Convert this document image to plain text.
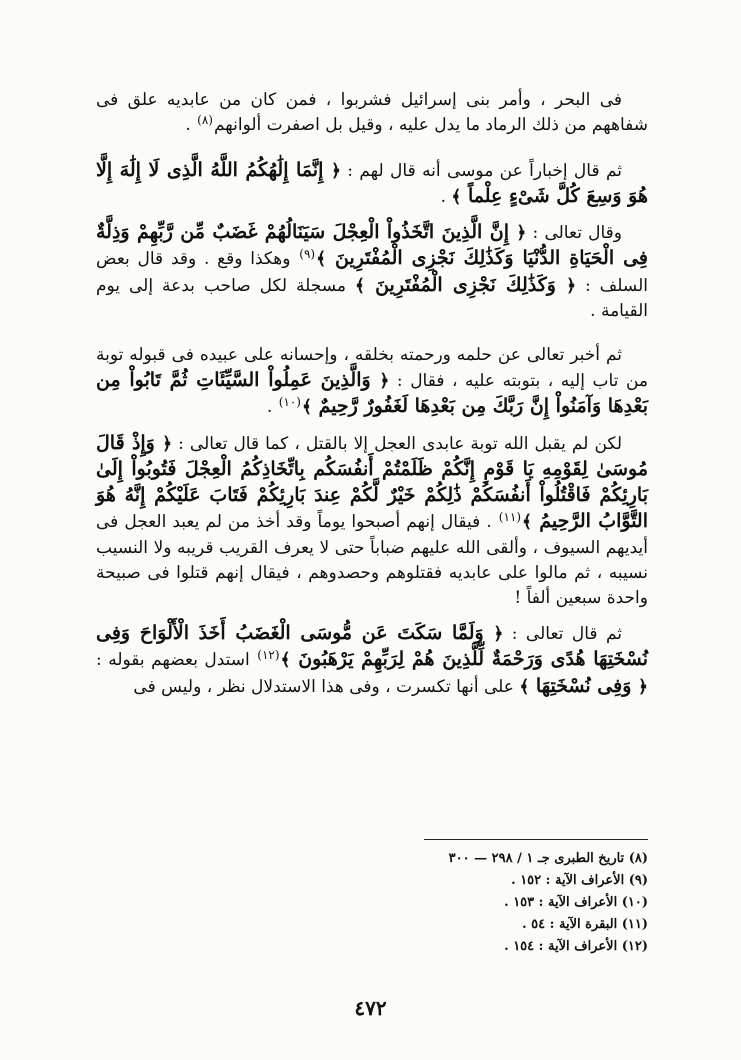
فى البحر ، وأمر بنى إسرائيل فشربوا ، فمن كان من عابديه علق فى شفاههم من ذلك الرماد ما يدل عليه ، وقيل بل اصفرت ألوانهم$^{(٨)}$ .

ثم قال إخباراً عن موسى أنه قال لهم : ﴿ إِنَّمَا إِلَٰهُكُمُ اللَّهُ الَّذِى لَا إِلَٰهَ إِلَّا هُوَ وَسِعَ كُلَّ شَىْءٍ عِلْماً ﴾ .

وقال تعالى : ﴿ إِنَّ الَّذِينَ اتَّخَذُواْ الْعِجْلَ سَيَنَالُهُمْ غَضَبٌ مِّن رَّبِّهِمْ وَذِلَّةٌ فِى الْحَيَاةِ الدُّنْيَا وَكَذَٰلِكَ نَجْزِى الْمُفْتَرِينَ ﴾$^{(٩)}$ وهكذا وقع . وقد قال بعض السلف : ﴿ وَكَذَٰلِكَ نَجْزِى الْمُفْتَرِينَ ﴾ مسجلة لكل صاحب بدعة إلى يوم القيامة .

ثم أخبر تعالى عن حلمه ورحمته بخلقه ، وإحسانه على عبيده فى قبوله توبة من تاب إليه ، بتوبته عليه ، فقال : ﴿ وَالَّذِينَ عَمِلُواْ السَّيِّئَاتِ ثُمَّ تَابُواْ مِن بَعْدِهَا وَآمَنُواْ إِنَّ رَبَّكَ مِن بَعْدِهَا لَغَفُورٌ رَّحِيمٌ ﴾$^{(١٠)}$ .

لكن لم يقبل الله توبة عابدى العجل إلا بالقتل ، كما قال تعالى : ﴿ وَإِذْ قَالَ مُوسَىٰ لِقَوْمِهِ يَا قَوْمِ إِنَّكُمْ ظَلَمْتُمْ أَنفُسَكُم بِاتِّخَاذِكُمُ الْعِجْلَ فَتُوبُواْ إِلَىٰ بَارِئِكُمْ فَاقْتُلُواْ أَنفُسَكُمْ ذَٰلِكُمْ خَيْرٌ لَّكُمْ عِندَ بَارِئِكُمْ فَتَابَ عَلَيْكُمْ إِنَّهُ هُوَ التَّوَّابُ الرَّحِيمُ ﴾$^{(١١)}$ . فيقال إنهم أصبحوا يوماً وقد أخذ من لم يعبد العجل فى أيديهم السيوف ، وألقى الله عليهم ضباباً حتى لا يعرف القريب قريبه ولا النسيب نسيبه ، ثم مالوا على عابديه فقتلوهم وحصدوهم ، فيقال إنهم قتلوا فى صبيحة واحدة سبعين ألفاً !

ثم قال تعالى : ﴿ وَلَمَّا سَكَتَ عَن مُّوسَى الْغَضَبُ أَخَذَ الْأَلْوَاحَ وَفِى نُسْخَتِهَا هُدًى وَرَحْمَةٌ لِّلَّذِينَ هُمْ لِرَبِّهِمْ يَرْهَبُونَ ﴾$^{(١٢)}$ استدل بعضهم بقوله : ﴿ وَفِى نُسْخَتِهَا ﴾ على أنها تكسرت ، وفى هذا الاستدلال نظر ، وليس فى

(٨) تاريخ الطبرى جـ ١ / ٢٩٨ — ٣٠٠

(٩) الأعراف الآية : ١٥٢ .

(١٠) الأعراف الآية : ١٥٣ .

(١١) البقرة الآية : ٥٤ .

(١٢) الأعراف الآية : ١٥٤ .

٤٧٢
